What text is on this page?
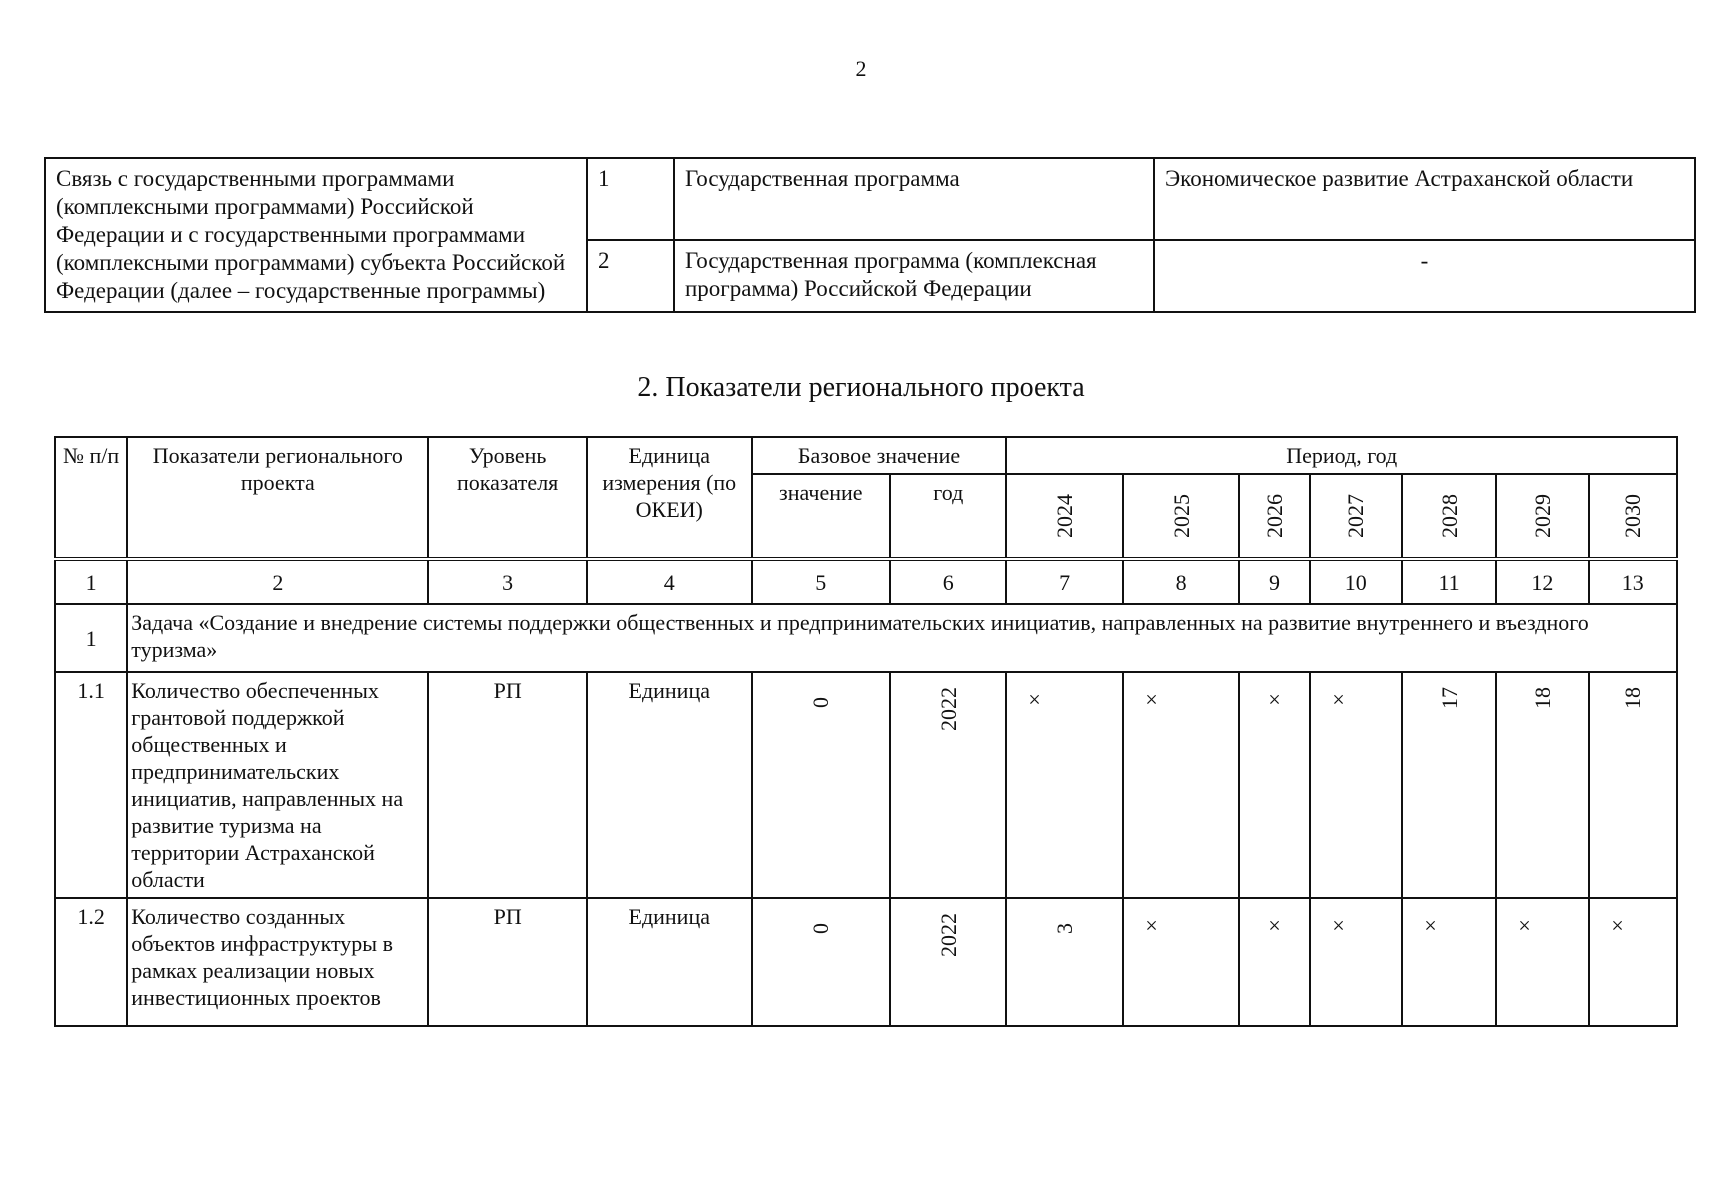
2
Связь с государственными программами (комплексными программами) Российской Федерации и с государственными программами (комплексными программами) субъекта Российской Федерации (далее – государственные программы)	1	Государственная программа	Экономическое развитие Астраханской области
	2	Государственная программа (комплексная программа) Российской Федерации	-
2. Показатели регионального проекта
№ п/п	Показатели регионального проекта	Уровень показателя	Единица измерения (по ОКЕИ)	Базовое значение		Период, год						
				значение	год	2024	2025	2026	2027	2028	2029	2030

1	2	3	4	5	6	7	8	9	10	11	12	13
1	Задача «Создание и внедрение системы поддержки общественных и предпринимательских инициатив, направленных на развитие внутреннего и въездного туризма»											
1.1	Количество обеспеченных грантовой поддержкой общественных и предпринимательских инициатив, направленных на развитие туризма на территории Астраханской области	РП	Единица	0	2022	×	×	×	×	17	18	18
1.2	Количество созданных объектов инфраструктуры в рамках реализации новых инвестиционных проектов	РП	Единица	0	2022	3	×	×	×	×	×	×
